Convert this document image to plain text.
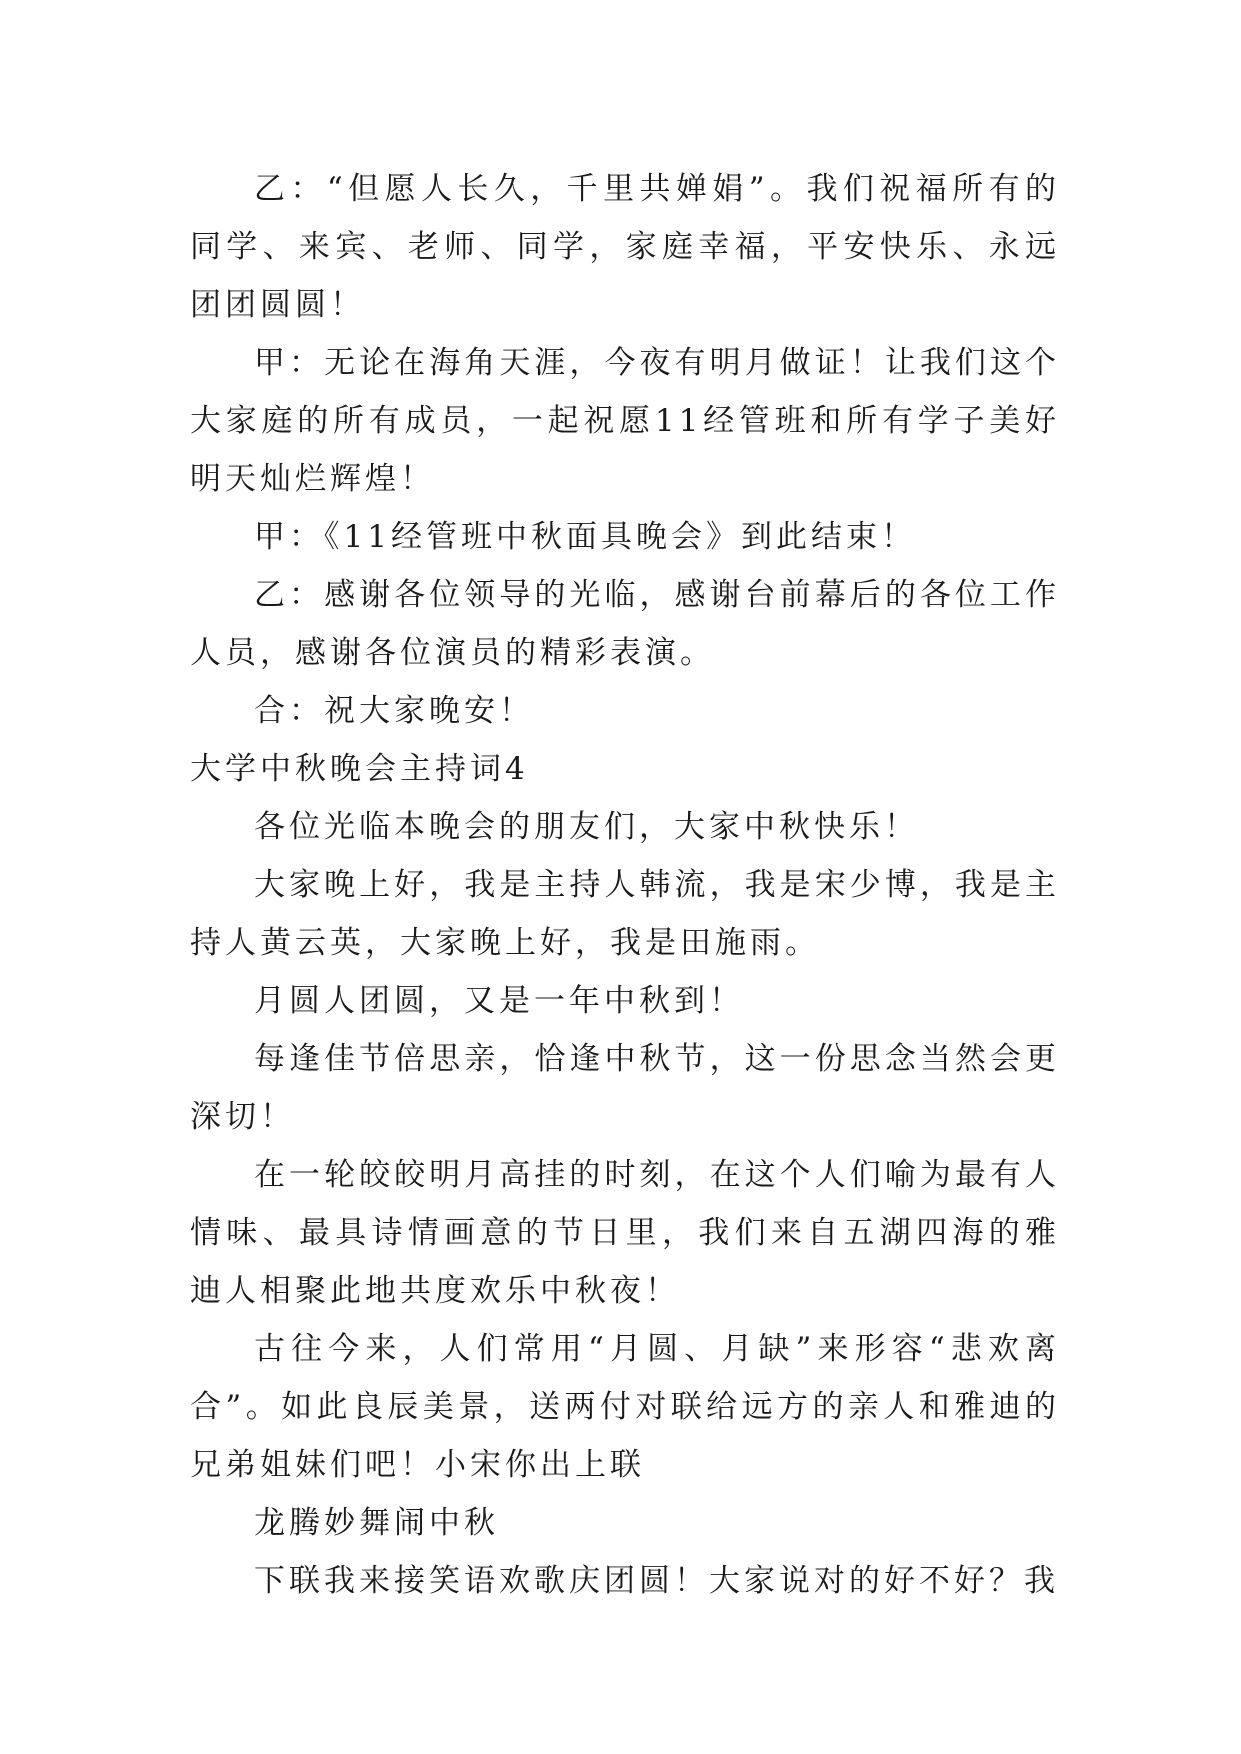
乙：“但愿人长久，千里共婵娟”。我们祝福所有的同学、来宾、老师、同学，家庭幸福，平安快乐、永远团团圆圆！

甲：无论在海角天涯，今夜有明月做证！让我们这个大家庭的所有成员，一起祝愿11经管班和所有学子美好明天灿烂辉煌！

甲：《11经管班中秋面具晚会》到此结束！

乙：感谢各位领导的光临，感谢台前幕后的各位工作人员，感谢各位演员的精彩表演。

合：祝大家晚安！

大学中秋晚会主持词4

各位光临本晚会的朋友们，大家中秋快乐！

大家晚上好，我是主持人韩流，我是宋少博，我是主持人黄云英，大家晚上好，我是田施雨。

月圆人团圆，又是一年中秋到！

每逢佳节倍思亲，恰逢中秋节，这一份思念当然会更深切！

在一轮皎皎明月高挂的时刻，在这个人们喻为最有人情味、最具诗情画意的节日里，我们来自五湖四海的雅迪人相聚此地共度欢乐中秋夜！

古往今来，人们常用“月圆、月缺”来形容“悲欢离合”。如此良辰美景，送两付对联给远方的亲人和雅迪的兄弟姐妹们吧！小宋你出上联

龙腾妙舞闹中秋

下联我来接笑语欢歌庆团圆！大家说对的好不好？我
